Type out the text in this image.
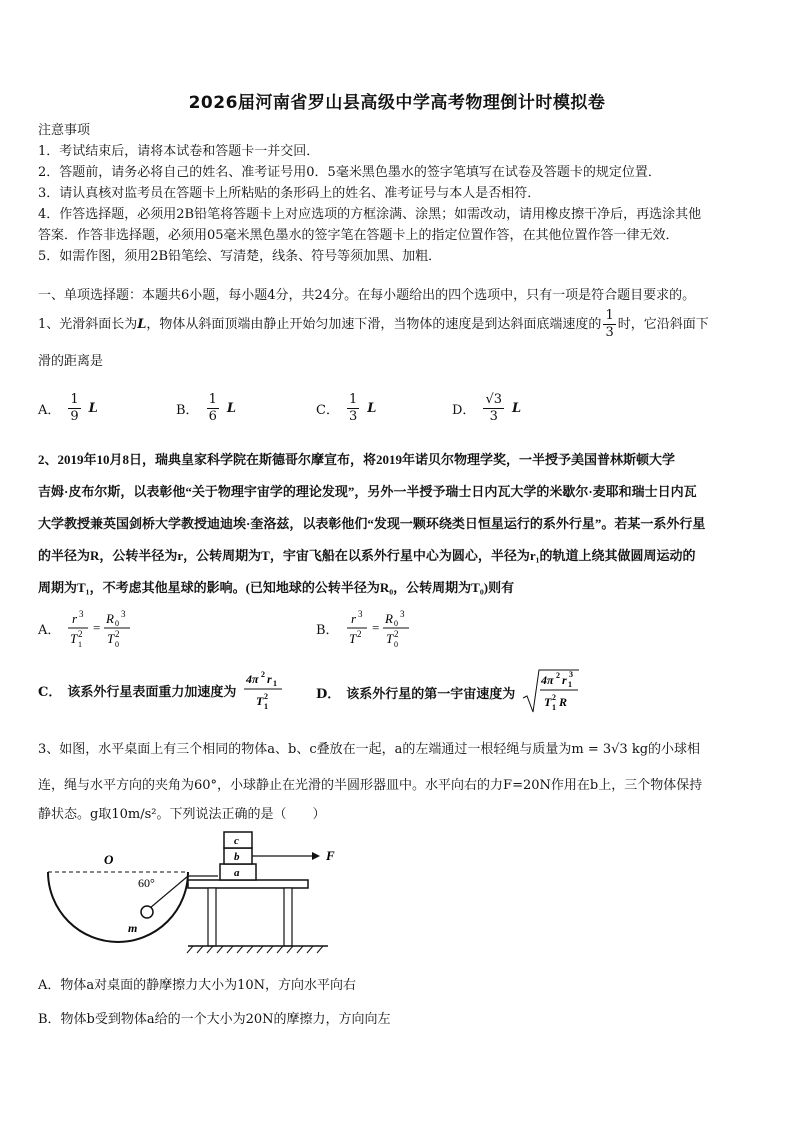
2026届河南省罗山县高级中学高考物理倒计时模拟卷

注意事项

1．考试结束后，请将本试卷和答题卡一并交回．

2．答题前，请务必将自己的姓名、准考证号用0．5毫米黑色墨水的签字笔填写在试卷及答题卡的规定位置．

3．请认真核对监考员在答题卡上所粘贴的条形码上的姓名、准考证号与本人是否相符．

4．作答选择题，必须用2B铅笔将答题卡上对应选项的方框涂满、涂黑；如需改动，请用橡皮擦干净后，再选涂其他

答案．作答非选择题，必须用05毫米黑色墨水的签字笔在答题卡上的指定位置作答，在其他位置作答一律无效．

5．如需作图，须用2B铅笔绘、写清楚，线条、符号等须加黑、加粗．

一、单项选择题：本题共6小题，每小题4分，共24分。在每小题给出的四个选项中，只有一项是符合题目要求的。

1、光滑斜面长为L，物体从斜面顶端由静止开始匀加速下滑，当物体的速度是到达斜面底端速度的 $\frac{1}{3}$ 时，它沿斜面下

滑的距离是

A． $\frac{1}{9}$ L	B． $\frac{1}{6}$ L	C． $\frac{1}{3}$ L	D． $\frac{√3}{3}$ L

2、2019年10月8日，瑞典皇家科学院在斯德哥尔摩宣布，将2019年诺贝尔物理学奖，一半授予美国普林斯顿大学

吉姆·皮布尔斯，以表彰他“关于物理宇宙学的理论发现”，另外一半授予瑞士日内瓦大学的米歇尔·麦耶和瑞士日内瓦

大学教授兼英国剑桥大学教授迪迪埃·奎洛兹，以表彰他们“发现一颗环绕类日恒星运行的系外行星”。若某一系外行星

的半径为R，公转半径为r，公转周期为T，宇宙飞船在以系外行星中心为圆心，半径为r₁的轨道上绕其做圆周运动的

周期为T₁，不考虑其他星球的影响。(已知地球的公转半径为R₀，公转周期为T₀)则有

A．
r 3
T 2
1
=
R 0
3
T 2
0
B．
r 3
T 2 =
R 0
3
T 2
0
C． 该系外行星表面重力加速度为
4π 2 r 1
T 2
1
D． 该系外行星的第一宇宙速度为
4π 2 r 1
3
T 2
1 R

3、如图，水平桌面上有三个相同的物体a、b、c叠放在一起，a的左端通过一根轻绳与质量为m = 3√3 kg的小球相

连，绳与水平方向的夹角为60°，小球静止在光滑的半圆形器皿中。水平向右的力F=20N作用在b上，三个物体保持

静状态。g取10m/s²。下列说法正确的是（　　）

O
60°
m
a
b
c
F

A．物体a对桌面的静摩擦力大小为10N，方向水平向右

B．物体b受到物体a给的一个大小为20N的摩擦力，方向向左
